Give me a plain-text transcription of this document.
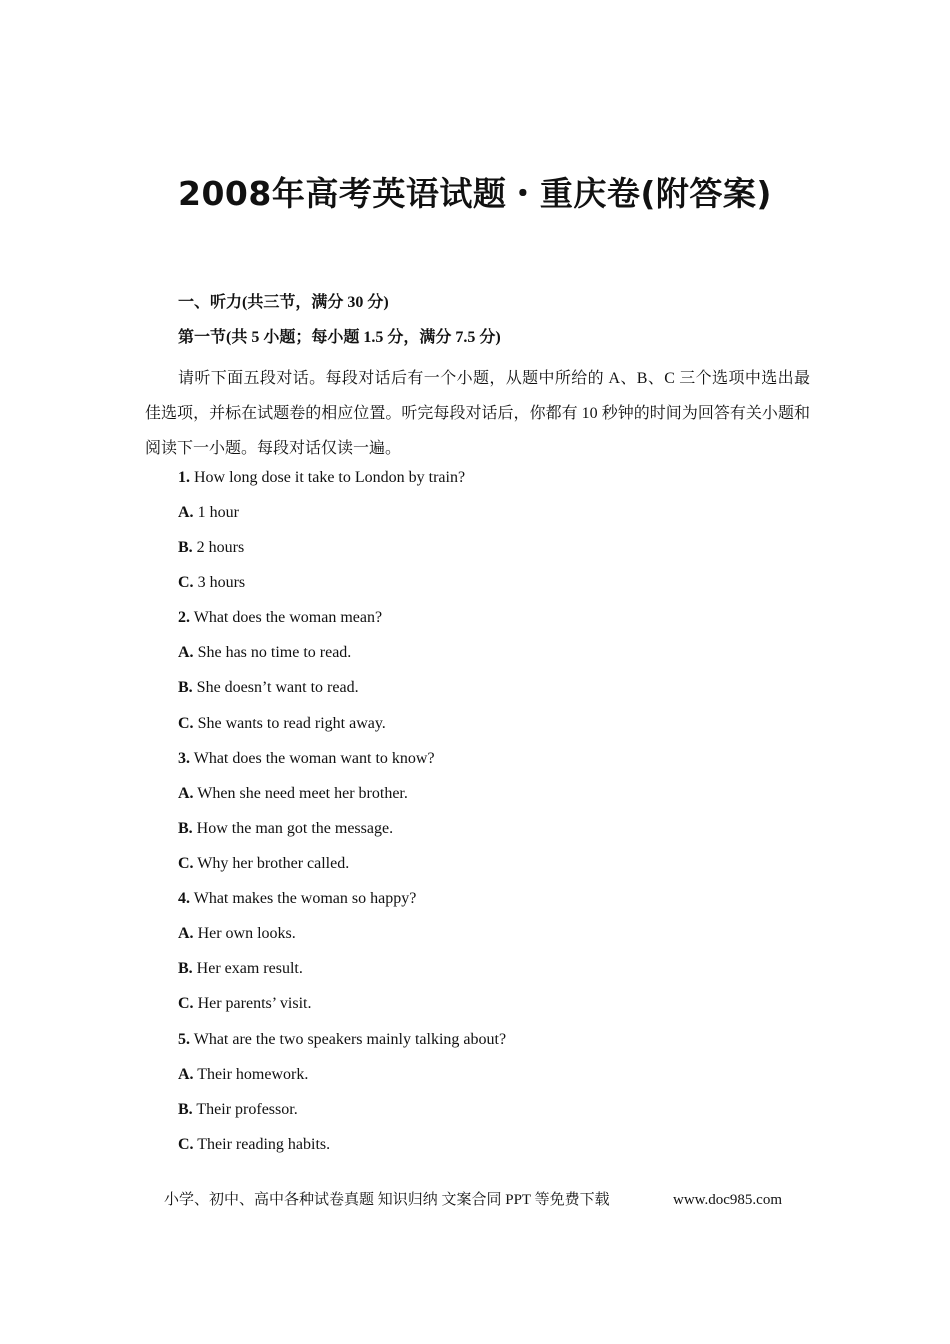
2008年高考英语试题・重庆卷(附答案)
一、听力(共三节，满分 30 分)
第一节(共 5 小题；每小题 1.5 分，满分 7.5 分)

请听下面五段对话。每段对话后有一个小题，从题中所给的 A、B、C 三个选项中选出最佳选项，并标在试题卷的相应位置。听完每段对话后，你都有 10 秒钟的时间为回答有关小题和阅读下一小题。每段对话仅读一遍。

1. How long dose it take to London by train?
A. 1 hour
B. 2 hours
C. 3 hours
2. What does the woman mean?
A. She has no time to read.
B. She doesn’t want to read.
C. She wants to read right away.
3. What does the woman want to know?
A. When she need meet her brother.
B. How the man got the message.
C. Why her brother called.
4. What makes the woman so happy?
A. Her own looks.
B. Her exam result.
C. Her parents’ visit.
5. What are the two speakers mainly talking about?
A. Their homework.
B. Their professor.
C. Their reading habits.
小学、初中、高中各种试卷真题 知识归纳 文案合同 PPT 等免费下载	www.doc985.com
